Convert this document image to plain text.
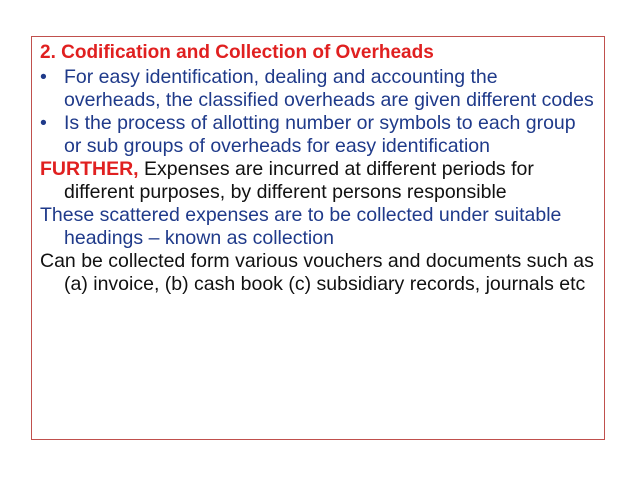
2. Codification and Collection of Overheads
• For easy identification, dealing and accounting the overheads, the classified overheads are given different codes
• Is the process of allotting number or symbols to each group or sub groups of overheads for easy identification
FURTHER, Expenses are incurred at different periods for different purposes, by different persons responsible
These scattered expenses are to be collected under suitable headings – known as collection
Can be collected form various vouchers and documents such as (a) invoice, (b) cash book (c) subsidiary records, journals etc
